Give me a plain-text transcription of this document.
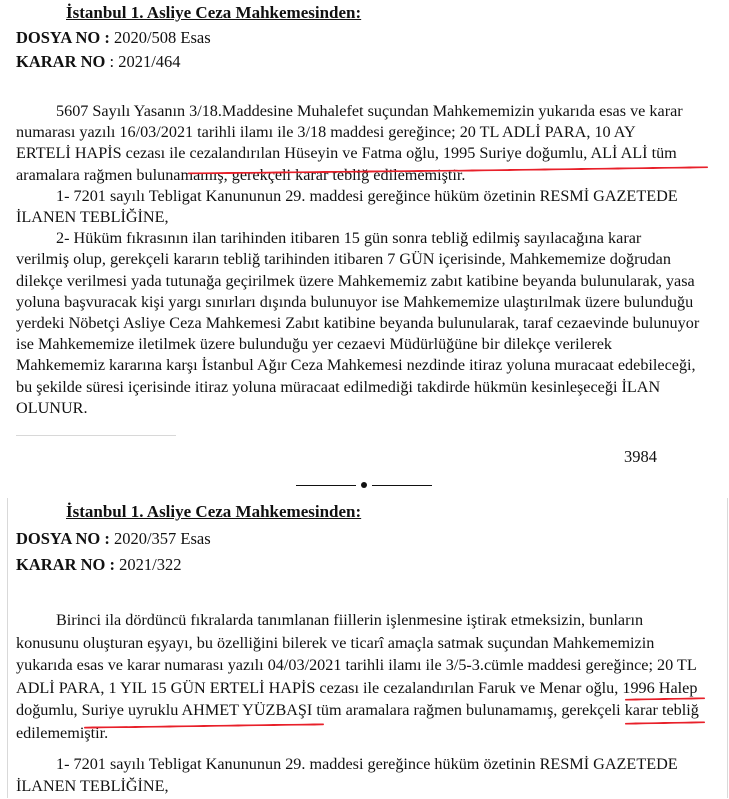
İstanbul 1. Asliye Ceza Mahkemesinden:
DOSYA NO : 2020/508 Esas
KARAR NO : 2021/464

5607 Sayılı Yasanın 3/18.Maddesine Muhalefet suçundan Mahkememizin yukarıda esas ve karar

numarası yazılı 16/03/2021 tarihli ilamı ile 3/18 maddesi gereğince; 20 TL ADLİ PARA, 10 AY

ERTELİ HAPİS cezası ile cezalandırılan Hüseyin ve Fatma oğlu, 1995 Suriye doğumlu, ALİ ALİ tüm

aramalara rağmen bulunamamış, gerekçeli karar tebliğ edilememiştir.

1- 7201 sayılı Tebligat Kanununun 29. maddesi gereğince hüküm özetinin RESMİ GAZETEDE

İLANEN TEBLİĞİNE,

2- Hüküm fıkrasının ilan tarihinden itibaren 15 gün sonra tebliğ edilmiş sayılacağına karar

verilmiş olup, gerekçeli kararın tebliğ tarihinden itibaren 7 GÜN içerisinde, Mahkememize doğrudan

dilekçe verilmesi yada tutunağa geçirilmek üzere Mahkememiz zabıt katibine beyanda bulunularak, yasa

yoluna başvuracak kişi yargı sınırları dışında bulunuyor ise Mahkememize ulaştırılmak üzere bulunduğu

yerdeki Nöbetçi Asliye Ceza Mahkemesi Zabıt katibine beyanda bulunularak, taraf cezaevinde bulunuyor

ise Mahkememize iletilmek üzere bulunduğu yer cezaevi Müdürlüğüne bir dilekçe verilerek

Mahkememiz kararına karşı İstanbul Ağır Ceza Mahkemesi nezdinde itiraz yoluna muracaat edebileceği,

bu şekilde süresi içerisinde itiraz yoluna müracaat edilmediği takdirde hükmün kesinleşeceği İLAN

OLUNUR.

3984
İstanbul 1. Asliye Ceza Mahkemesinden:
DOSYA NO : 2020/357 Esas
KARAR NO : 2021/322

Birinci ila dördüncü fıkralarda tanımlanan fiillerin işlenmesine iştirak etmeksizin, bunların

konusunu oluşturan eşyayı, bu özelliğini bilerek ve ticarî amaçla satmak suçundan Mahkememizin

yukarıda esas ve karar numarası yazılı 04/03/2021 tarihli ilamı ile 3/5-3.cümle maddesi gereğince; 20 TL

ADLİ PARA, 1 YIL 15 GÜN ERTELİ HAPİS cezası ile cezalandırılan Faruk ve Menar oğlu, 1996 Halep

doğumlu, Suriye uyruklu AHMET YÜZBAŞI tüm aramalara rağmen bulunamamış, gerekçeli karar tebliğ

edilememiştir.

1- 7201 sayılı Tebligat Kanununun 29. maddesi gereğince hüküm özetinin RESMİ GAZETEDE

İLANEN TEBLİĞİNE,
